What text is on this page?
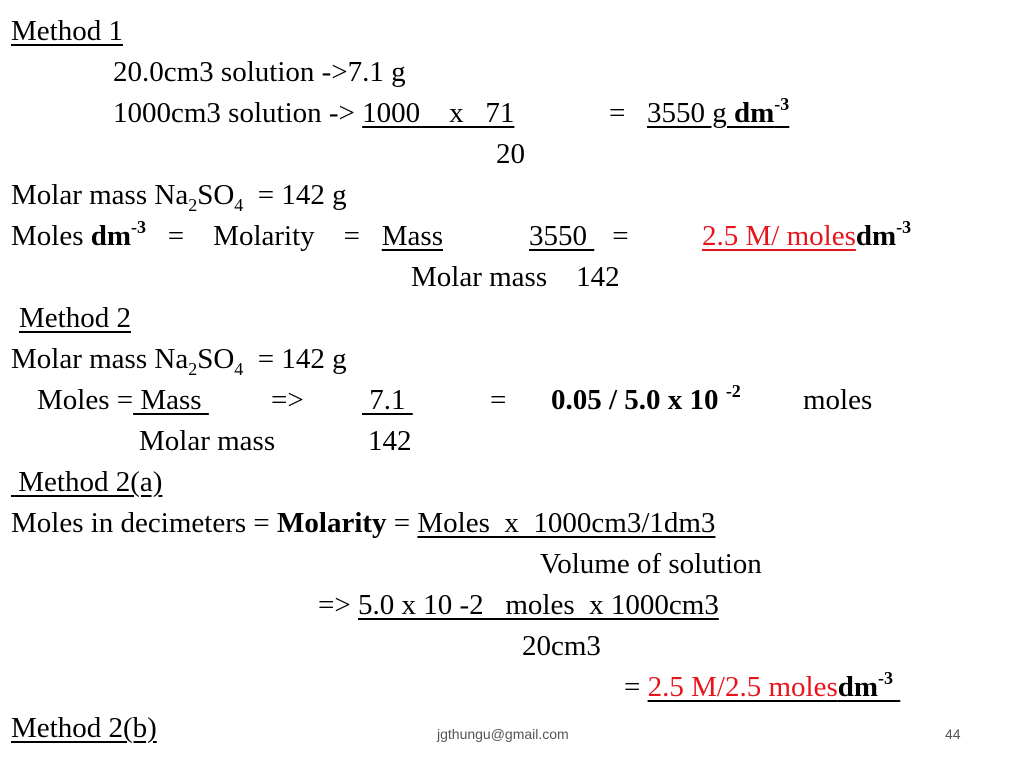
Method 1
20.0cm3 solution ->7.1 g
1000cm3 solution -> 1000    x   71	= 3550 g $dm^{-3}$
20
Molar mass $Na_2SO_4 = 142$ g
Moles $dm^{-3}$   =    Molarity    =   Mass	3550 =	2.5 M/ molesdm$^{-3}$
Molar mass    142
Method 2
Molar mass $Na_2SO_4 = 142$ g
Moles = Mass => 7.1	= 0.05 / 5.0 x 10 $^{-2}$ moles
Molar mass	142
Method 2(a)
Moles in decimeters = Molarity = Moles  x  1000cm3/1dm3
Volume of solution
=> 5.0 x 10 -2   moles  x 1000cm3
20cm3
= 2.5 M/2.5 molesdm$^{-3}$
Method 2(b)	jgthungu@gmail.com	44
